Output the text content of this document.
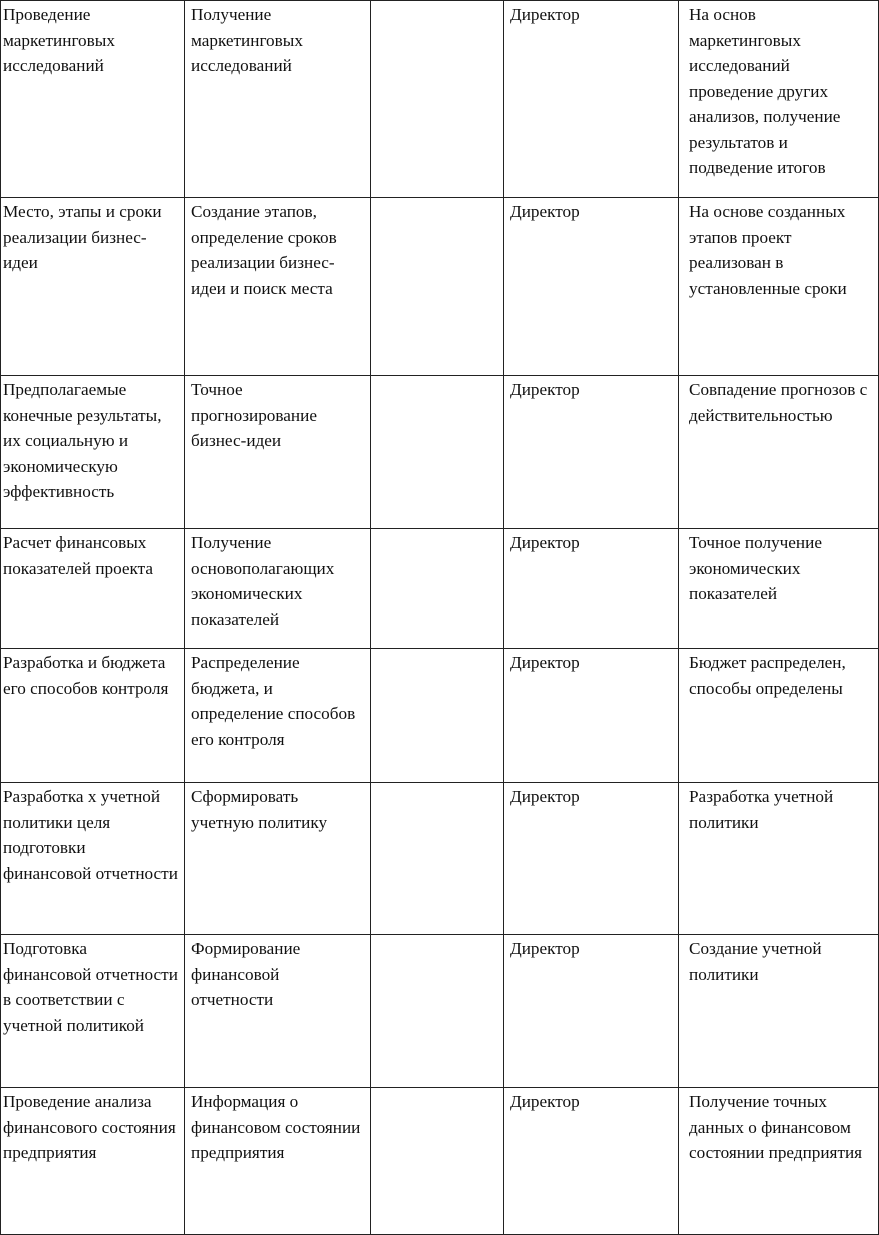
Проведение маркетинговых исследований	Получение маркетинговых исследований		Директор	На основ маркетинговых исследований проведение других анализов, получение результатов и подведение итогов

Место, этапы и сроки реализации бизнес-идеи	Создание этапов, определение сроков реализации бизнес-идеи и поиск места		Директор	На основе созданных этапов проект реализован в установленные сроки

Предполагаемые конечные результаты, их социальную и экономическую эффективность	Точное прогнозирование бизнес-идеи		Директор	Совпадение прогнозов с действительностью

Расчет финансовых показателей проекта	Получение основополагающих экономических показателей		Директор	Точное получение экономических показателей

Разработка и бюджета его способов контроля	Распределение бюджета, и определение способов его контроля		Директор	Бюджет распределен, способы определены

Разработка х учетной политики целя подготовки финансовой отчетности	Сформировать учетную политику		Директор	Разработка учетной политики

Подготовка финансовой отчетности в соответствии с учетной политикой	Формирование финансовой отчетности		Директор	Создание учетной политики

Проведение анализа финансового состояния предприятия	Информация о финансовом состоянии предприятия		Директор	Получение точных данных о финансовом состоянии предприятия
